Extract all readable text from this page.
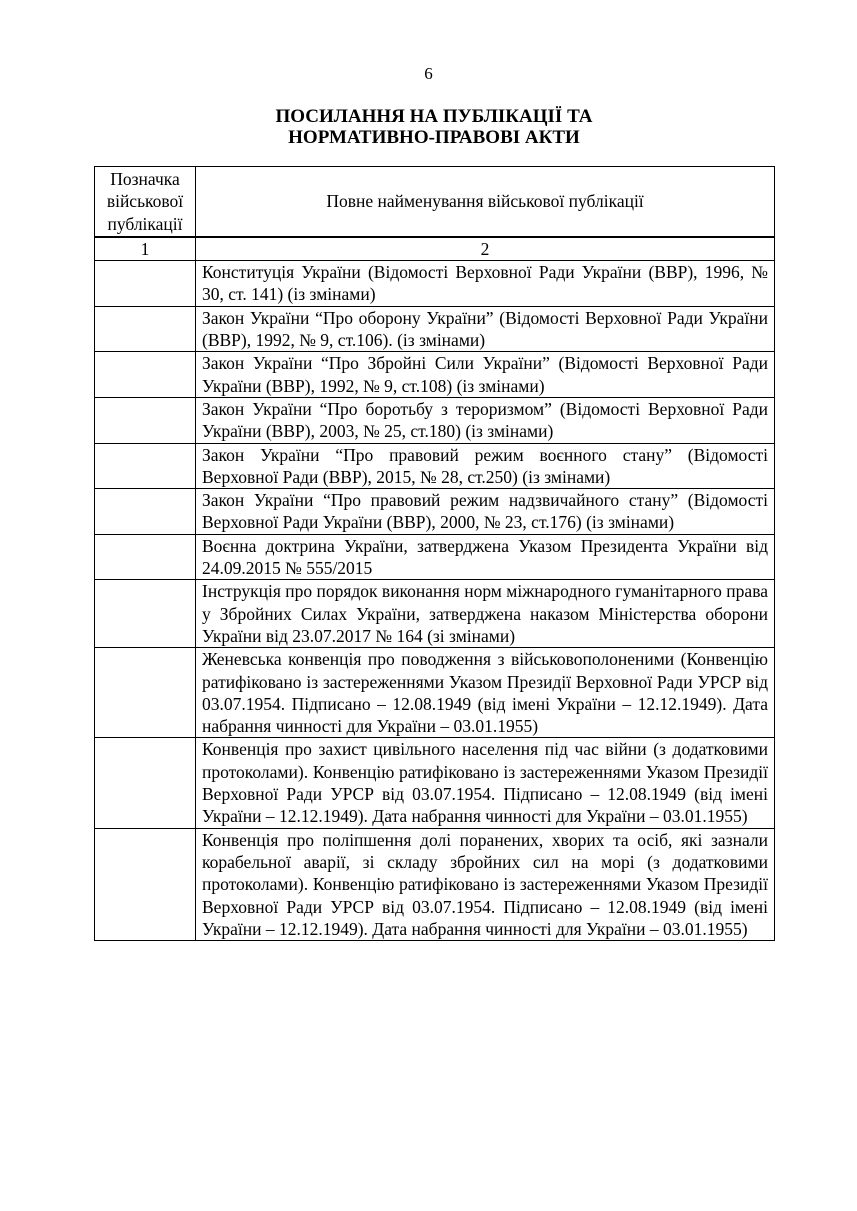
6
ПОСИЛАННЯ НА ПУБЛІКАЦІЇ ТА
НОРМАТИВНО-ПРАВОВІ АКТИ
Позначка військової публікації	Повне найменування військової публікації

1	2
	Конституція України (Відомості Верховної Ради України (ВВР), 1996, № 30, ст. 141) (із змінами)
	Закон України “Про оборону України” (Відомості Верховної Ради України (ВВР), 1992, № 9, ст.106). (із змінами)
	Закон України “Про Збройні Сили України” (Відомості Верховної Ради України (ВВР), 1992, № 9, ст.108) (із змінами)
	Закон України “Про боротьбу з тероризмом” (Відомості Верховної Ради України (ВВР), 2003, № 25, ст.180) (із змінами)
	Закон України “Про правовий режим воєнного стану” (Відомості Верховної Ради (ВВР), 2015, № 28, ст.250) (із змінами)
	Закон України “Про правовий режим надзвичайного стану” (Відомості Верховної Ради України (ВВР), 2000, № 23, ст.176) (із змінами)
	Воєнна доктрина України, затверджена Указом Президента України від 24.09.2015 № 555/2015
	Інструкція про порядок виконання норм міжнародного гуманітарного права у Збройних Силах України, затверджена наказом Міністерства оборони України від 23.07.2017 № 164 (зі змінами)
	Женевська конвенція про поводження з військовополоненими (Конвенцію ратифіковано із застереженнями Указом Президії Верховної Ради УРСР від 03.07.1954. Підписано – 12.08.1949 (від імені України – 12.12.1949). Дата набрання чинності для України – 03.01.1955)
	Конвенція про захист цивільного населення під час війни (з додатковими протоколами). Конвенцію ратифіковано із застереженнями Указом Президії Верховної Ради УРСР від 03.07.1954. Підписано – 12.08.1949 (від імені України – 12.12.1949). Дата набрання чинності для України – 03.01.1955)
	Конвенція про поліпшення долі поранених, хворих та осіб, які зазнали корабельної аварії, зі складу збройних сил на морі (з додатковими протоколами). Конвенцію ратифіковано із застереженнями Указом Президії Верховної Ради УРСР від 03.07.1954. Підписано – 12.08.1949 (від імені України – 12.12.1949). Дата набрання чинності для України – 03.01.1955)
